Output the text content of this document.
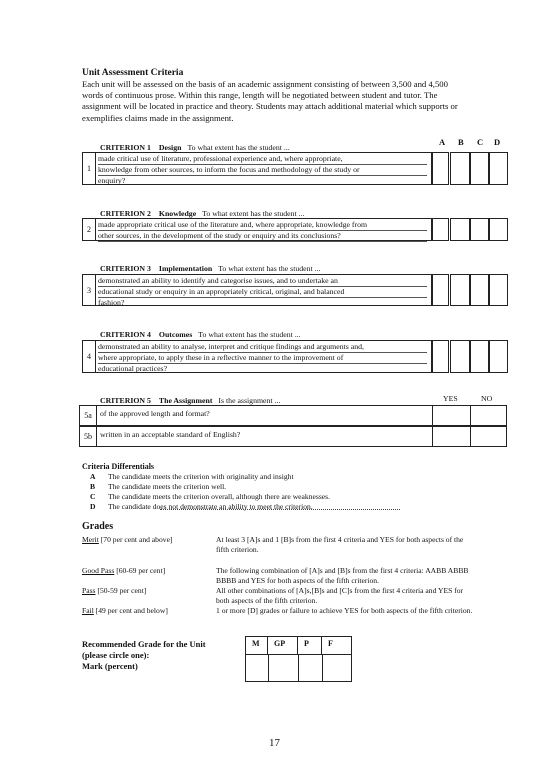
Unit Assessment Criteria
Each unit will be assessed on the basis of an academic assignment consisting of between 3,500 and 4,500 words of continuous prose. Within this range, length will be negotiated between student and tutor. The assignment will be located in practice and theory. Students may attach additional material which supports or exemplifies claims made in the assignment.
A B C D
CRITERION 1 Design To what extent has the student ...
1
made critical use of literature, professional experience and, where appropriate,
knowledge from other sources, to inform the focus and methodology of the study or
enquiry?
CRITERION 2 Knowledge To what extent has the student ...
2
made appropriate critical use of the literature and, where appropriate, knowledge from
other sources, in the development of the study or enquiry and its conclusions?
CRITERION 3 Implementation To what extent has the student ...
3
demonstrated an ability to identify and categorise issues, and to undertake an
educational study or enquiry in an appropriately critical, original, and balanced
fashion?
CRITERION 4 Outcomes To what extent has the student ...
4
demonstrated an ability to analyse, interpret and critique findings and arguments and,
where appropriate, to apply these in a reflective manner to the improvement of
educational practices?
CRITERION 5 The Assignment Is the assignment ...	YES	NO
5a	of the approved length and format?
5b	written in an acceptable standard of English?
Criteria Differentials
A The candidate meets the criterion with originality and insight
B The candidate meets the criterion well.
C The candidate meets the criterion overall, although there are weaknesses.
D The candidate does not demonstrate an ability to meet the criterion.
Grades
Merit [70 per cent and above]	At least 3 [A]s and 1 [B]s from the first 4 criteria and YES for both aspects of the fifth criterion.
Good Pass [60-69 per cent]	The following combination of [A]s and [B]s from the first 4 criteria: AABB ABBB BBBB and YES for both aspects of the fifth criterion.
Pass [50-59 per cent]	All other combinations of [A]s,[B]s and [C]s from the first 4 criteria and YES for both aspects of the fifth criterion.
Fail [49 per cent and below]	1 or more [D] grades or failure to achieve YES for both aspects of the fifth criterion.
Recommended Grade for the Unit
(please circle one):
Mark (percent)
M	GP	P	F
17
